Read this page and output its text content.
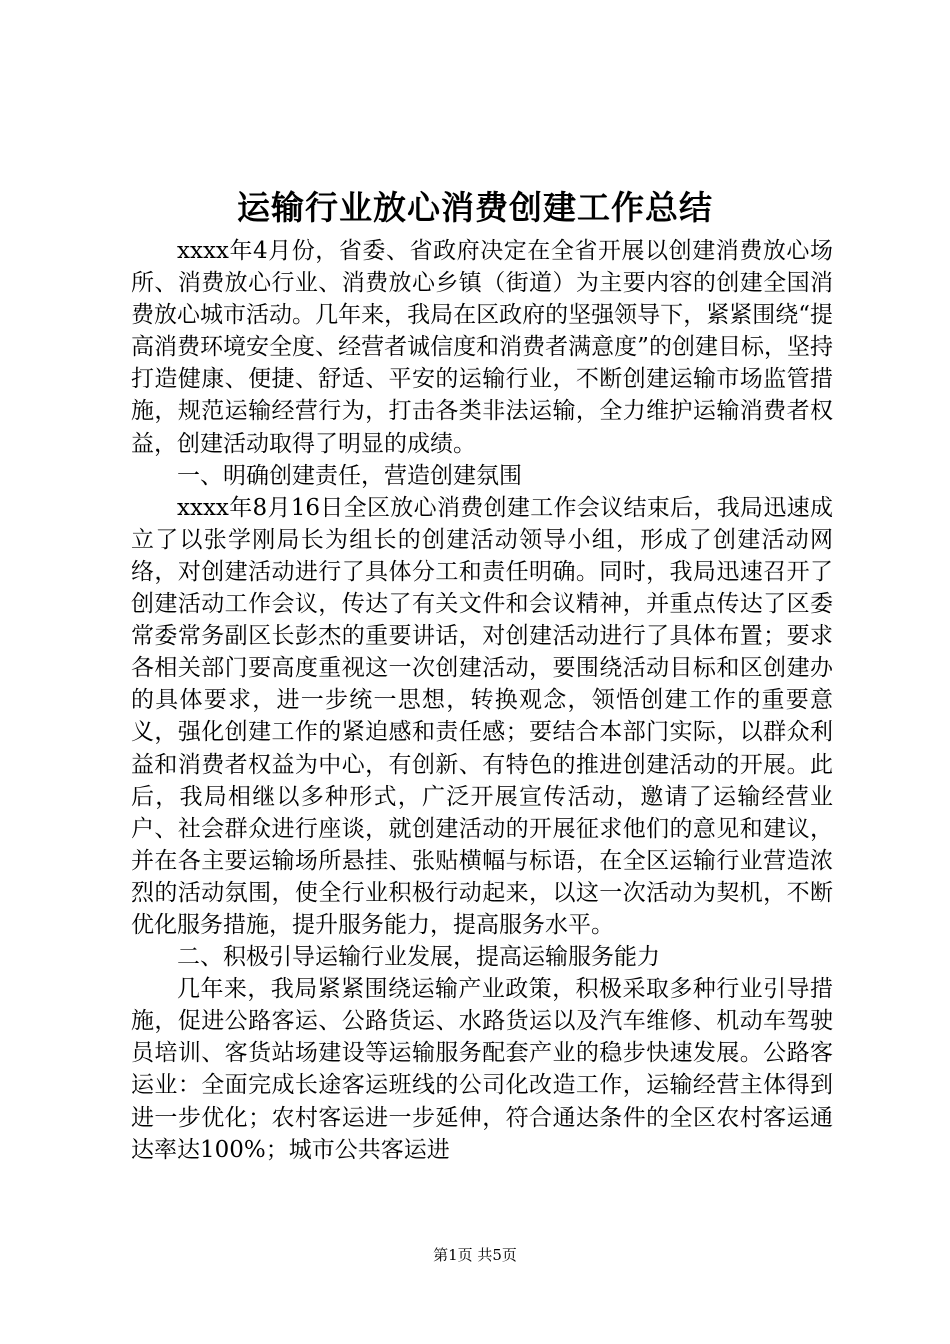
运输行业放心消费创建工作总结

xxxx年4月份，省委、省政府决定在全省开展以创建消费放心场所、消费放心行业、消费放心乡镇（街道）为主要内容的创建全国消费放心城市活动。几年来，我局在区政府的坚强领导下，紧紧围绕“提高消费环境安全度、经营者诚信度和消费者满意度”的创建目标，坚持打造健康、便捷、舒适、平安的运输行业，不断创建运输市场监管措施，规范运输经营行为，打击各类非法运输，全力维护运输消费者权益，创建活动取得了明显的成绩。

一、明确创建责任，营造创建氛围

xxxx年8月16日全区放心消费创建工作会议结束后，我局迅速成立了以张学刚局长为组长的创建活动领导小组，形成了创建活动网络，对创建活动进行了具体分工和责任明确。同时，我局迅速召开了创建活动工作会议，传达了有关文件和会议精神，并重点传达了区委常委常务副区长彭杰的重要讲话，对创建活动进行了具体布置；要求各相关部门要高度重视这一次创建活动，要围绕活动目标和区创建办的具体要求，进一步统一思想，转换观念，领悟创建工作的重要意义，强化创建工作的紧迫感和责任感；要结合本部门实际，以群众利益和消费者权益为中心，有创新、有特色的推进创建活动的开展。此后，我局相继以多种形式，广泛开展宣传活动，邀请了运输经营业户、社会群众进行座谈，就创建活动的开展征求他们的意见和建议，并在各主要运输场所悬挂、张贴横幅与标语，在全区运输行业营造浓烈的活动氛围，使全行业积极行动起来，以这一次活动为契机，不断优化服务措施，提升服务能力，提高服务水平。

二、积极引导运输行业发展，提高运输服务能力

几年来，我局紧紧围绕运输产业政策，积极采取多种行业引导措施，促进公路客运、公路货运、水路货运以及汽车维修、机动车驾驶员培训、客货站场建设等运输服务配套产业的稳步快速发展。公路客运业：全面完成长途客运班线的公司化改造工作，运输经营主体得到进一步优化；农村客运进一步延伸，符合通达条件的全区农村客运通达率达100%；城市公共客运进

第1页 共5页
